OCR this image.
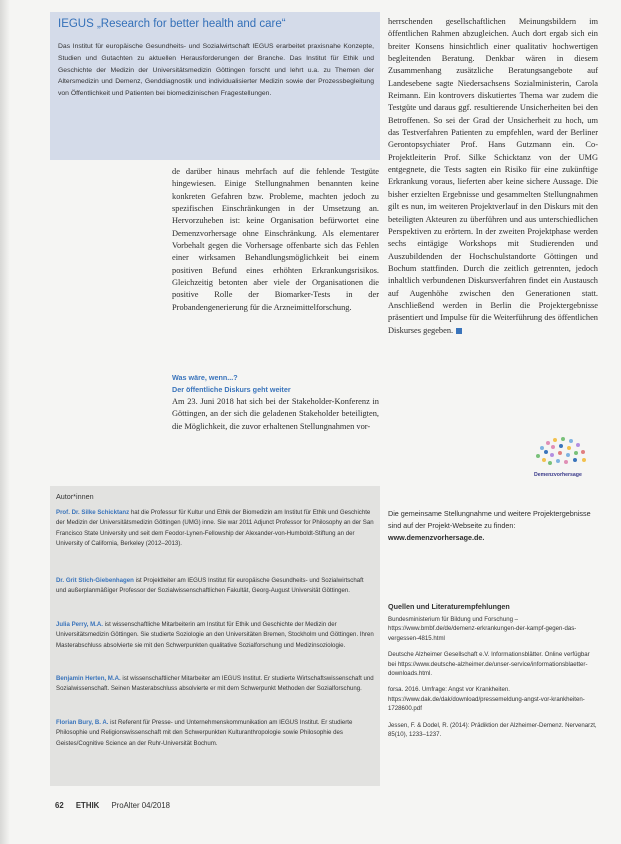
IEGUS „Research for better health and care“

Das Institut für europäische Gesundheits- und Sozialwirtschaft IEGUS erarbeitet praxisnahe Konzepte, Studien und Gutachten zu aktuellen Herausforderungen der Branche. Das Institut für Ethik und Geschichte der Medizin der Universitätsmedizin Göttingen forscht und lehrt u.a. zu Themen der Altersmedizin und Demenz, Genddiagnostik und individualisierter Medizin sowie der Prozessbegleitung von Öffentlichkeit und Patienten bei biomedizinischen Fragestellungen.

de darüber hinaus mehrfach auf die fehlende Testgüte hingewiesen. Einige Stellungnahmen benannten keine konkreten Gefahren bzw. Probleme, machten jedoch zu spezifischen Einschränkungen in der Umsetzung an. Hervorzuheben ist: keine Organisation befürwortet eine Demenzvorhersage ohne Einschränkung. Als elementarer Vorbehalt gegen die Vorhersage offenbarte sich das Fehlen einer wirksamen Behandlungsmöglichkeit bei einem positiven Befund eines erhöhten Erkrankungsrisikos. Gleichzeitig betonten aber viele der Organisationen die positive Rolle der Biomarker-Tests in der Probandengenerierung für die Arzneimittelforschung.

Was wäre, wenn...?

Der öffentliche Diskurs geht weiter

Am 23. Juni 2018 hat sich bei der Stakeholder-Konferenz in Göttingen, an der sich die geladenen Stakeholder beteiligten, die Möglichkeit, die zuvor erhaltenen Stellungnahmen vor-

herrschenden gesellschaftlichen Meinungsbildern im öffentlichen Rahmen abzugleichen. Auch dort ergab sich ein breiter Konsens hinsichtlich einer qualitativ hochwertigen begleitenden Beratung. Denkbar wären in diesem Zusammenhang zusätzliche Beratungsangebote auf Landesebene sagte Niedersachsens Sozialministerin, Carola Reimann. Ein kontrovers diskutiertes Thema war zudem die Testgüte und daraus ggf. resultierende Unsicherheiten bei den Betroffenen. So sei der Grad der Unsicherheit zu hoch, um das Testverfahren Patienten zu empfehlen, ward der Berliner Gerontopsychiater Prof. Hans Gutzmann ein. Co-Projektleiterin Prof. Silke Schicktanz von der UMG entgegnete, die Tests sagten ein Risiko für eine zukünftige Erkrankung voraus, lieferten aber keine sichere Aussage. Die bisher erzielten Ergebnisse und gesammelten Stellungnahmen gilt es nun, im weiteren Projektverlauf in den Diskurs mit den beteiligten Akteuren zu überführen und aus unterschiedlichen Perspektiven zu erörtern. In der zweiten Projektphase werden sechs eintägige Workshops mit Studierenden und Auszubildenden der Hochschulstandorte Göttingen und Bochum stattfinden. Durch die zeitlich getrennten, jedoch inhaltlich verbundenen Diskursverfahren findet ein Austausch auf Augenhöhe zwischen den Generationen statt. Anschließend werden in Berlin die Projektergebnisse präsentiert und Impulse für die Weiterführung des öffentlichen Diskurses gegeben.

Demenzvorhersage
Autor*innen

Prof. Dr. Silke Schicktanz hat die Professur für Kultur und Ethik der Biomedizin am Institut für Ethik und Geschichte der Medizin der Universitätsmedizin Göttingen (UMG) inne. Sie war 2011 Adjunct Professor for Philosophy an der San Francisco State University und seit dem Feodor-Lynen-Fellowship der Alexander-von-Humboldt-Stiftung an der University of California, Berkeley (2012–2013).

Dr. Grit Stich-Giebenhagen ist Projektleiter am IEGUS Institut für europäische Gesundheits- und Sozialwirtschaft und außerplanmäßiger Professor der Sozialwissenschaftlichen Fakultät, Georg-August Universität Göttingen.

Julia Perry, M.A. ist wissenschaftliche Mitarbeiterin am Institut für Ethik und Geschichte der Medizin der Universitätsmedizin Göttingen. Sie studierte Soziologie an den Universitäten Bremen, Stockholm und Göttingen. Ihren Masterabschluss absolvierte sie mit den Schwerpunkten qualitative Sozialforschung und Medizinsoziologie.

Benjamin Herten, M.A. ist wissenschaftlicher Mitarbeiter am IEGUS Institut. Er studierte Wirtschaftswissenschaft und Sozialwissenschaft. Seinen Masterabschluss absolvierte er mit dem Schwerpunkt Methoden der Sozialforschung.

Florian Bury, B. A. ist Referent für Presse- und Unternehmenskommunikation am IEGUS Institut. Er studierte Philosophie und Religionswissenschaft mit den Schwerpunkten Kulturanthropologie sowie Philosophie des Geistes/Cognitive Science an der Ruhr-Universität Bochum.

Die gemeinsame Stellungnahme und weitere Projektergebnisse sind auf der Projekt-Webseite zu finden: www.demenzvorhersage.de.

Quellen und Literaturempfehlungen

Bundesministerium für Bildung und Forschung – https://www.bmbf.de/de/demenz-erkrankungen-der-kampf-gegen-das-vergessen-4815.html

Deutsche Alzheimer Gesellschaft e.V. Informationsblätter. Online verfügbar bei https://www.deutsche-alzheimer.de/unser-service/informationsblaetter-downloads.html.

forsa. 2016. Umfrage: Angst vor Krankheiten. https://www.dak.de/dak/download/pressemeldung-angst-vor-krankheiten-1728600.pdf

Jessen, F. & Dodel, R. (2014): Prädiktion der Alzheimer-Demenz. Nervenarzt, 85(10), 1233–1237.

62 ETHIK ProAlter 04/2018
